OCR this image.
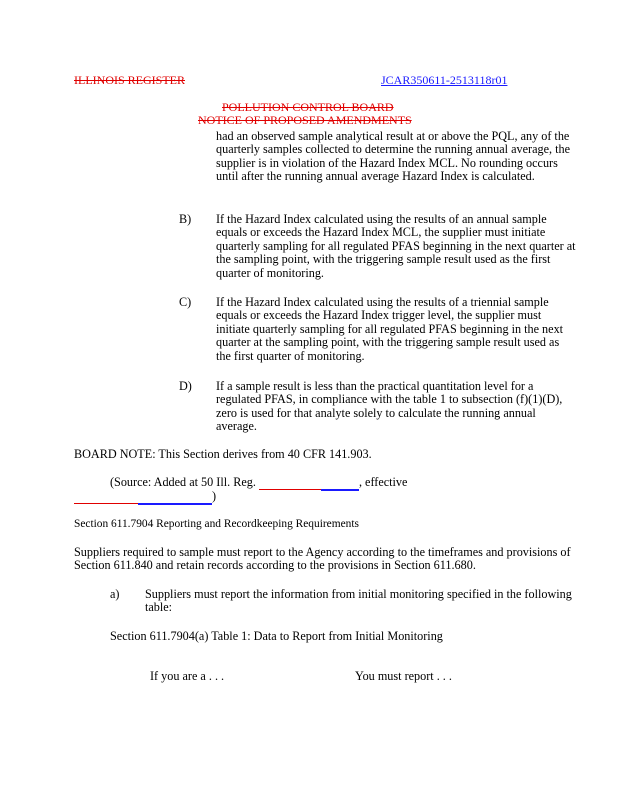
ILLINOIS REGISTER	JCAR350611-2513118r01
POLLUTION CONTROL BOARD
NOTICE OF PROPOSED AMENDMENTS
had an observed sample analytical result at or above the PQL, any of the quarterly samples collected to determine the running annual average, the supplier is in violation of the Hazard Index MCL. No rounding occurs until after the running annual average Hazard Index is calculated.
B) If the Hazard Index calculated using the results of an annual sample equals or exceeds the Hazard Index MCL, the supplier must initiate quarterly sampling for all regulated PFAS beginning in the next quarter at the sampling point, with the triggering sample result used as the first quarter of monitoring.
C) If the Hazard Index calculated using the results of a triennial sample equals or exceeds the Hazard Index trigger level, the supplier must initiate quarterly sampling for all regulated PFAS beginning in the next quarter at the sampling point, with the triggering sample result used as the first quarter of monitoring.
D) If a sample result is less than the practical quantitation level for a regulated PFAS, in compliance with the table 1 to subsection (f)(1)(D), zero is used for that analyte solely to calculate the running annual average.
BOARD NOTE: This Section derives from 40 CFR 141.903.
(Source: Added at 50 Ill. Reg.	, effective
)
Section 611.7904 Reporting and Recordkeeping Requirements
Suppliers required to sample must report to the Agency according to the timeframes and provisions of Section 611.840 and retain records according to the provisions in Section 611.680.
a) Suppliers must report the information from initial monitoring specified in the following table:
Section 611.7904(a) Table 1: Data to Report from Initial Monitoring
If you are a . . .	You must report . . .
